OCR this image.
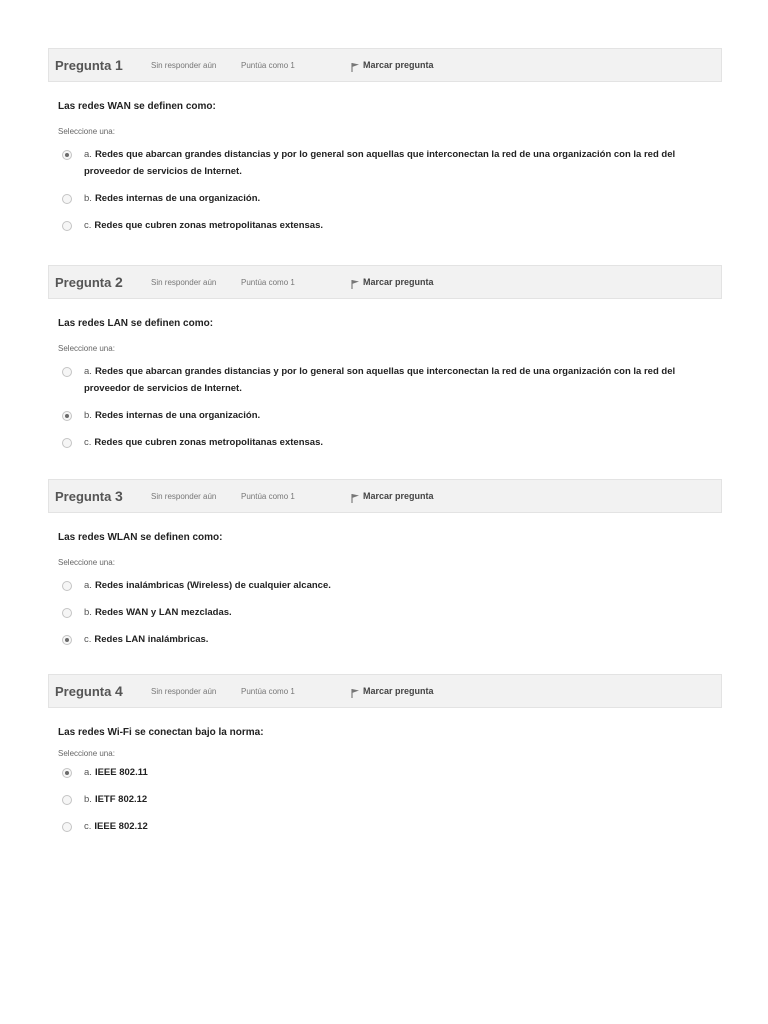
Pregunta 1	Sin responder aún	Puntúa como 1	Marcar pregunta
Las redes WAN se definen como:
Seleccione una:
a. Redes que abarcan grandes distancias y por lo general son aquellas que interconectan la red de una organización con la red del proveedor de servicios de Internet.
b. Redes internas de una organización.
c. Redes que cubren zonas metropolitanas extensas.
Pregunta 2	Sin responder aún	Puntúa como 1	Marcar pregunta
Las redes LAN se definen como:
Seleccione una:
a. Redes que abarcan grandes distancias y por lo general son aquellas que interconectan la red de una organización con la red del proveedor de servicios de Internet.
b. Redes internas de una organización.
c. Redes que cubren zonas metropolitanas extensas.
Pregunta 3	Sin responder aún	Puntúa como 1	Marcar pregunta
Las redes WLAN se definen como:
Seleccione una:
a. Redes inalámbricas (Wireless) de cualquier alcance.
b. Redes WAN y LAN mezcladas.
c. Redes LAN inalámbricas.
Pregunta 4	Sin responder aún	Puntúa como 1	Marcar pregunta
Las redes Wi-Fi se conectan bajo la norma:
Seleccione una:
a. IEEE 802.11
b. IETF 802.12
c. IEEE 802.12
